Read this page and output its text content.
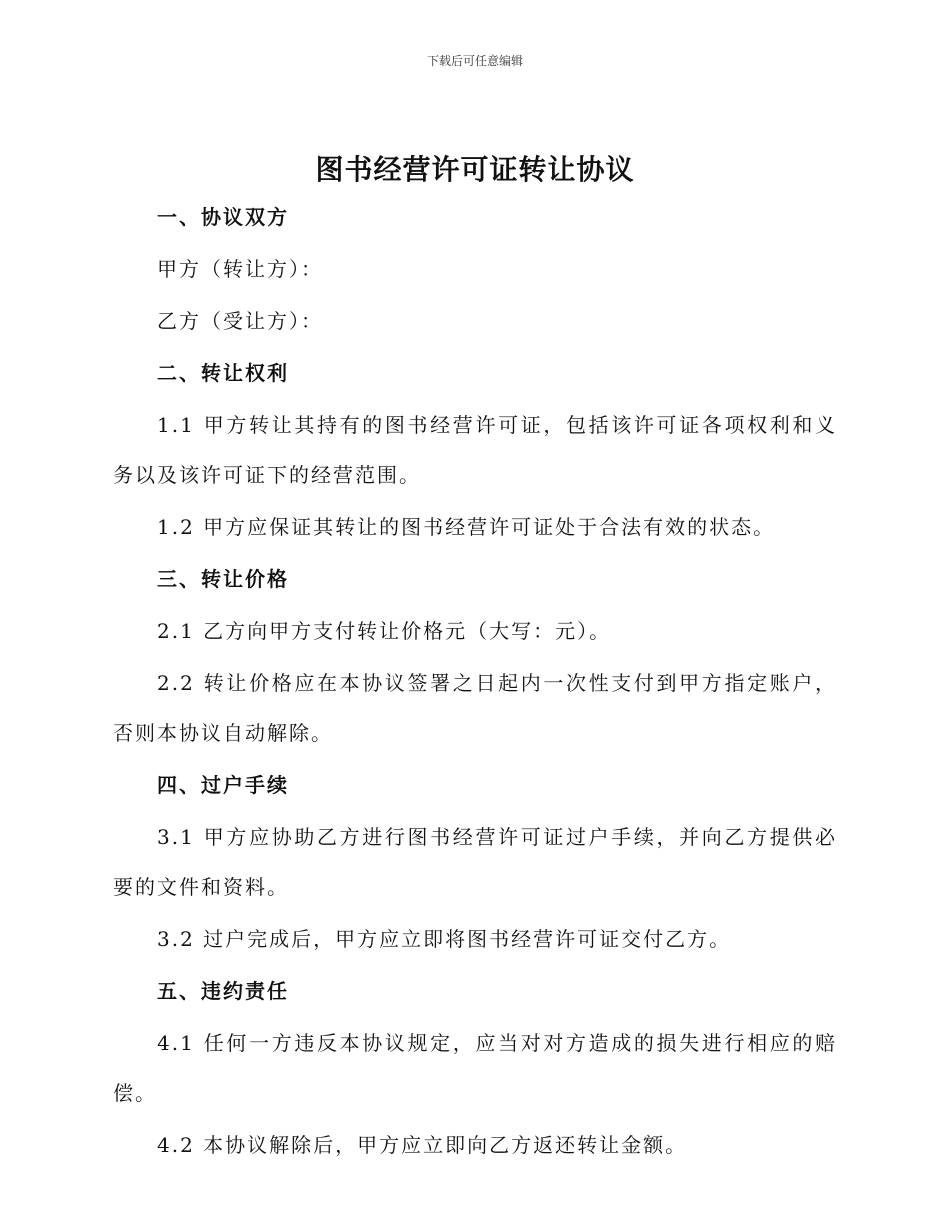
下载后可任意编辑
图书经营许可证转让协议
一、协议双方
甲方（转让方）：
乙方（受让方）：
二、转让权利
1.1 甲方转让其持有的图书经营许可证，包括该许可证各项权利和义务以及该许可证下的经营范围。
1.2 甲方应保证其转让的图书经营许可证处于合法有效的状态。
三、转让价格
2.1 乙方向甲方支付转让价格元（大写：元）。
2.2 转让价格应在本协议签署之日起内一次性支付到甲方指定账户，否则本协议自动解除。
四、过户手续
3.1 甲方应协助乙方进行图书经营许可证过户手续，并向乙方提供必要的文件和资料。
3.2 过户完成后，甲方应立即将图书经营许可证交付乙方。
五、违约责任
4.1 任何一方违反本协议规定，应当对对方造成的损失进行相应的赔偿。
4.2 本协议解除后，甲方应立即向乙方返还转让金额。
